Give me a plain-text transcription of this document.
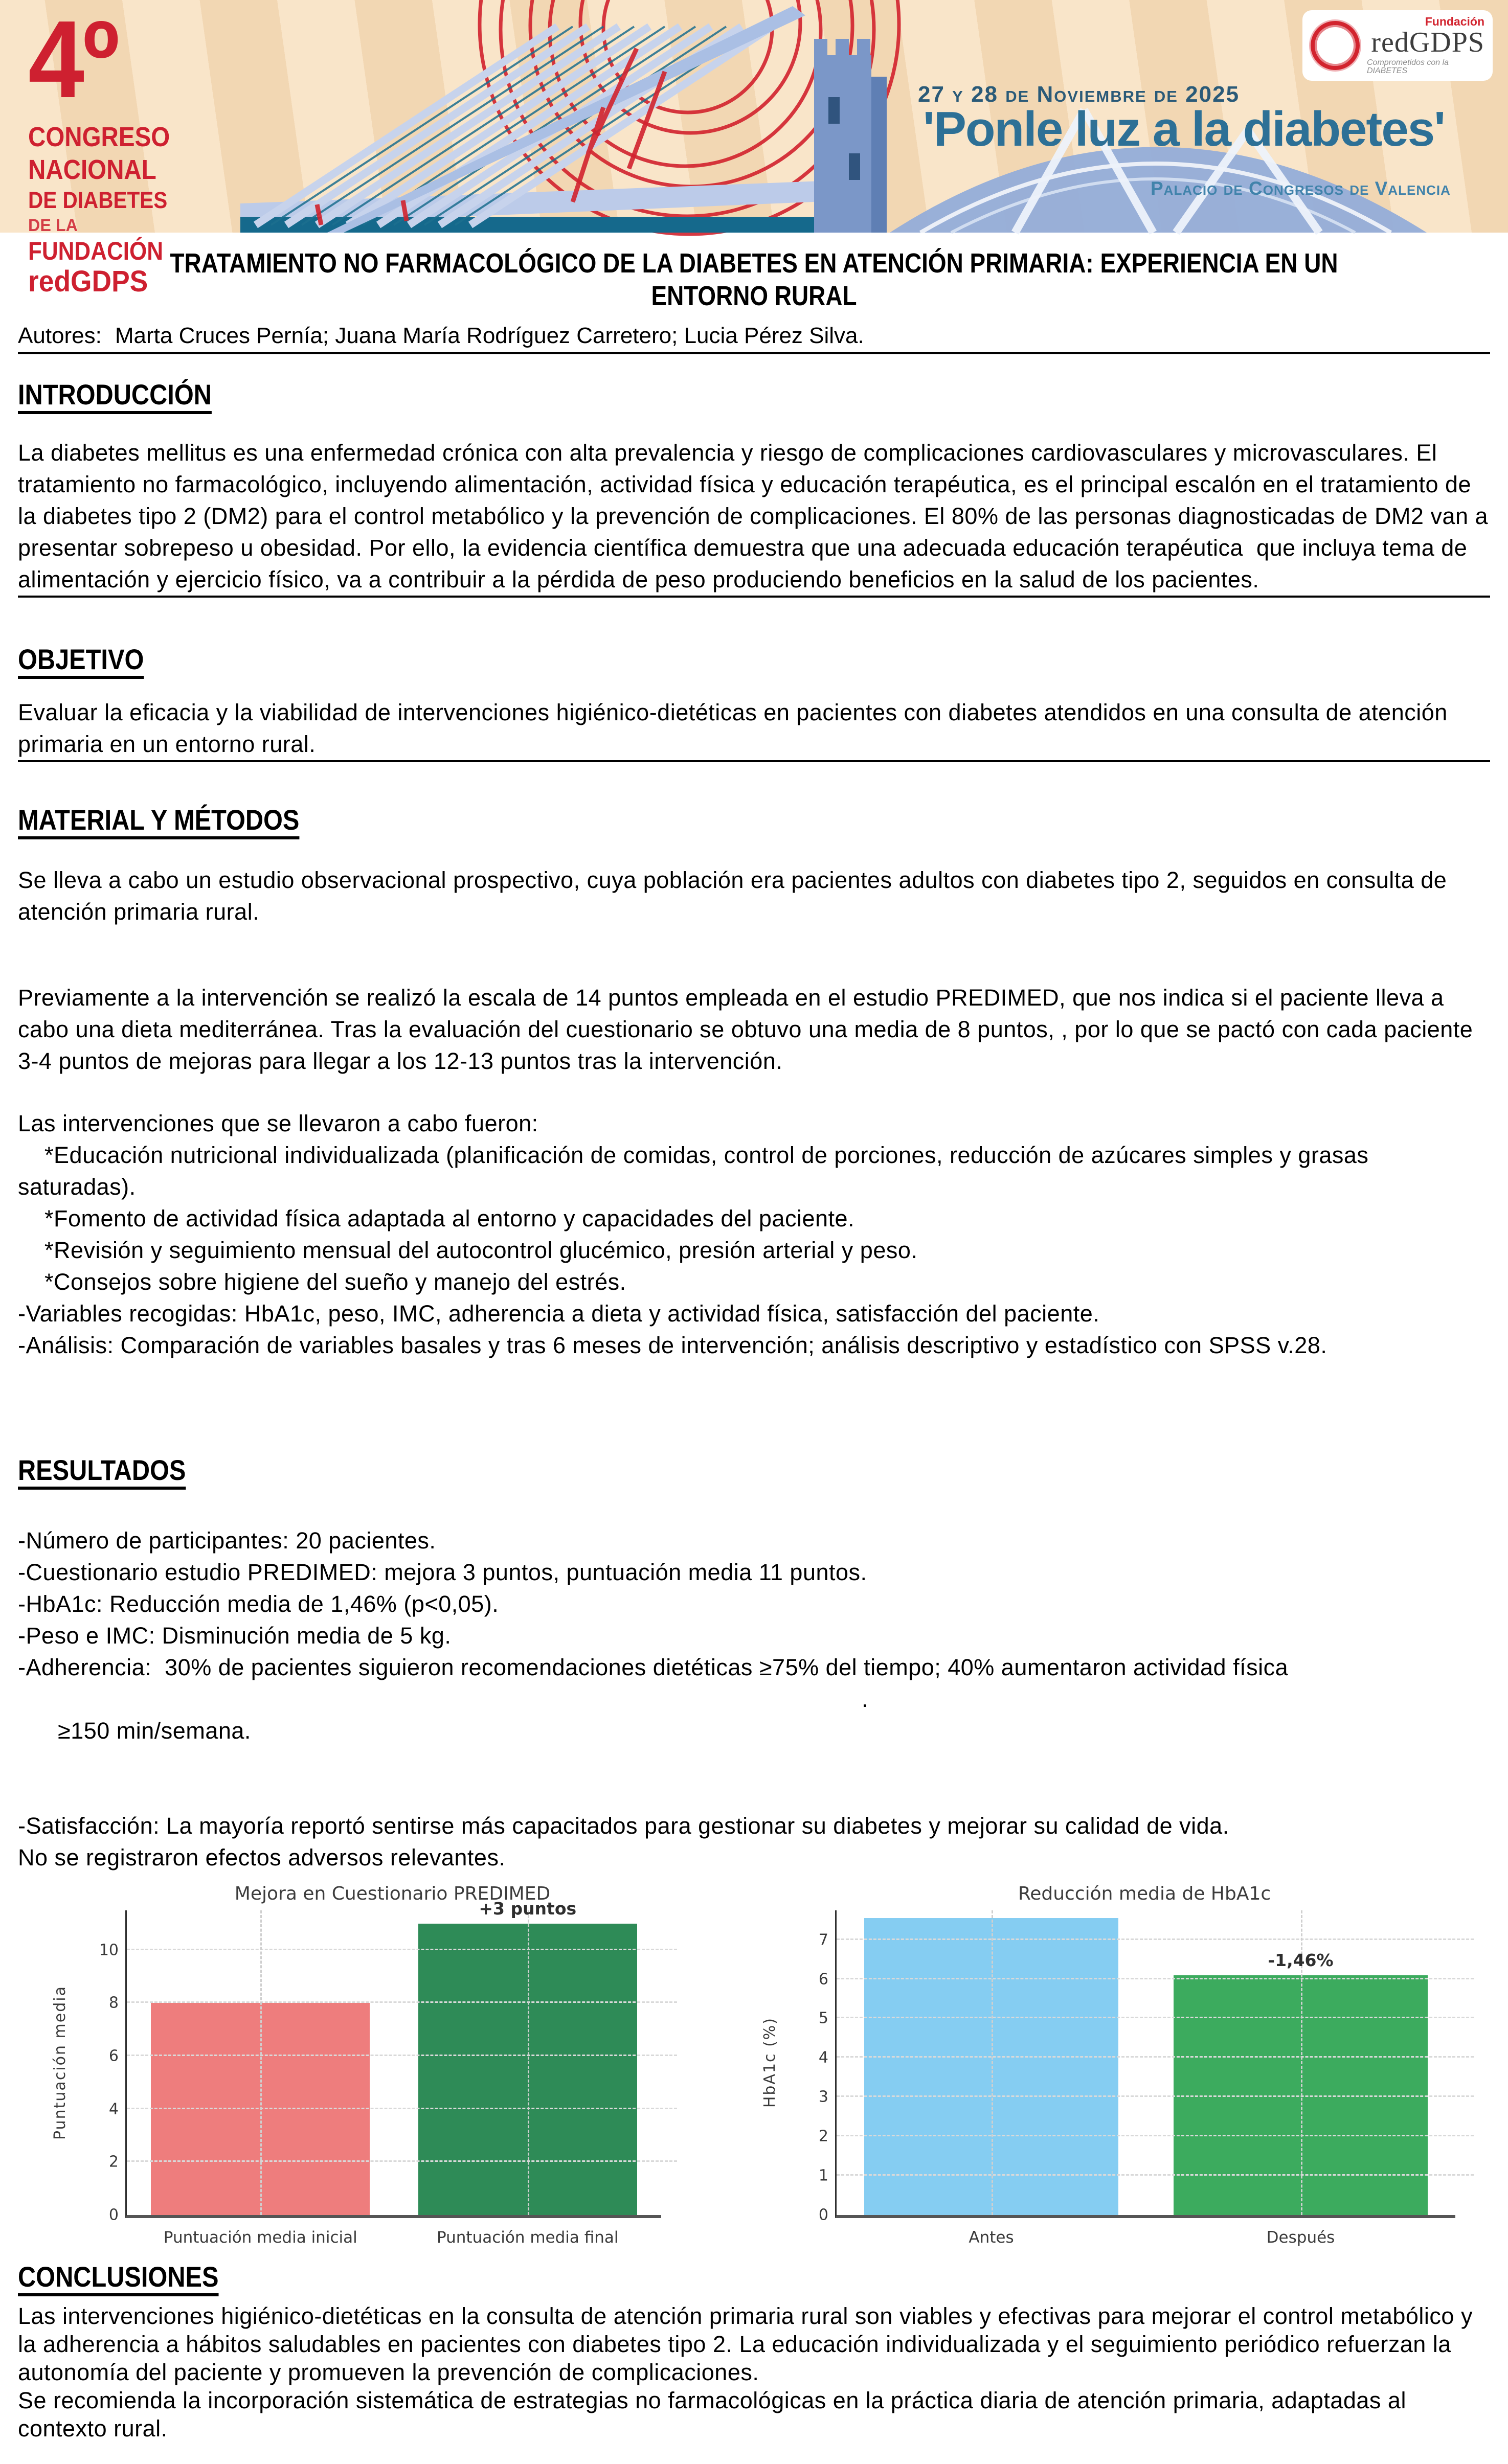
4º
CONGRESO
NACIONAL
DE DIABETES
DE LA
FUNDACIÓN
redGDPS
27 y 28 de Noviembre de 2025
'Ponle luz a la diabetes'
Palacio de Congresos de Valencia
Fundación
redGDPS
Comprometidos con la DIABETES
TRATAMIENTO NO FARMACOLÓGICO DE LA DIABETES EN ATENCIÓN PRIMARIA: EXPERIENCIA EN UN
ENTORNO RURAL
Autores: Marta Cruces Pernía; Juana María Rodríguez Carretero; Lucia Pérez Silva.
INTRODUCCIÓN
La diabetes mellitus es una enfermedad crónica con alta prevalencia y riesgo de complicaciones cardiovasculares y microvasculares. El tratamiento no farmacológico, incluyendo alimentación, actividad física y educación terapéutica, es el principal escalón en el tratamiento de la diabetes tipo 2 (DM2) para el control metabólico y la prevención de complicaciones. El 80% de las personas diagnosticadas de DM2 van a presentar sobrepeso u obesidad. Por ello, la evidencia científica demuestra que una adecuada educación terapéutica  que incluya tema de alimentación y ejercicio físico, va a contribuir a la pérdida de peso produciendo beneficios en la salud de los pacientes.
OBJETIVO
Evaluar la eficacia y la viabilidad de intervenciones higiénico-dietéticas en pacientes con diabetes atendidos en una consulta de atención primaria en un entorno rural.
MATERIAL Y MÉTODOS
Se lleva a cabo un estudio observacional prospectivo, cuya población era pacientes adultos con diabetes tipo 2, seguidos en consulta de atención primaria rural.
Previamente a la intervención se realizó la escala de 14 puntos empleada en el estudio PREDIMED, que nos indica si el paciente lleva a cabo una dieta mediterránea. Tras la evaluación del cuestionario se obtuvo una media de 8 puntos, , por lo que se pactó con cada paciente 3-4 puntos de mejoras para llegar a los 12-13 puntos tras la intervención.
Las intervenciones que se llevaron a cabo fueron:
*Educación nutricional individualizada (planificación de comidas, control de porciones, reducción de azúcares simples y grasas saturadas).
*Fomento de actividad física adaptada al entorno y capacidades del paciente.
*Revisión y seguimiento mensual del autocontrol glucémico, presión arterial y peso.
*Consejos sobre higiene del sueño y manejo del estrés.
-Variables recogidas: HbA1c, peso, IMC, adherencia a dieta y actividad física, satisfacción del paciente.
-Análisis: Comparación de variables basales y tras 6 meses de intervención; análisis descriptivo y estadístico con SPSS v.28.
RESULTADOS
-Número de participantes: 20 pacientes.
-Cuestionario estudio PREDIMED: mejora 3 puntos, puntuación media 11 puntos.
-HbA1c: Reducción media de 1,46% (p<0,05).
-Peso e IMC: Disminución media de 5 kg.
-Adherencia:  30% de pacientes siguieron recomendaciones dietéticas ≥75% del tiempo; 40% aumentaron actividad física

≥150 min/semana.

.

-Satisfacción: La mayoría reportó sentirse más capacitados para gestionar su diabetes y mejorar su calidad de vida.
No se registraron efectos adversos relevantes.
Mejora en Cuestionario PREDIMED
Puntuación media
0
2
4
6
8
10
Puntuación media inicial	Puntuación media final
+3 puntos
Reducción media de HbA1c
HbA1c (%)
0
1
2
3
4
5
6
7
Antes	Después
-1,46%
CONCLUSIONES
Las intervenciones higiénico-dietéticas en la consulta de atención primaria rural son viables y efectivas para mejorar el control metabólico y la adherencia a hábitos saludables en pacientes con diabetes tipo 2. La educación individualizada y el seguimiento periódico refuerzan la autonomía del paciente y promueven la prevención de complicaciones.
Se recomienda la incorporación sistemática de estrategias no farmacológicas en la práctica diaria de atención primaria, adaptadas al contexto rural.
